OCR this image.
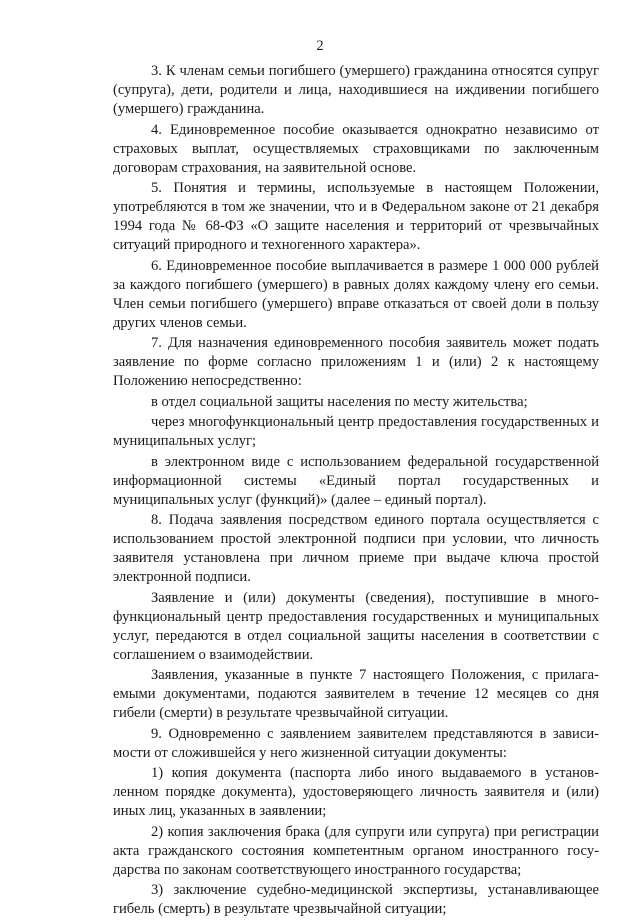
2

3. К членам семьи погибшего (умершего) гражданина относятся супруг (супруга), дети, родители и лица, находившиеся на иждивении погибшего (умершего) гражданина.

4. Единовременное пособие оказывается однократно независимо от страховых выплат, осуществляемых страховщиками по заключенным договорам страхования, на заявительной основе.

5. Понятия и термины, используемые в настоящем Положении, употребляются в том же значении, что и в Федеральном законе от 21 декабря 1994 года № 68-ФЗ «О защите населения и территорий от чрезвычайных ситуаций природного и техногенного характера».

6. Единовременное пособие выплачивается в размере 1 000 000 рублей за каждого погибшего (умершего) в равных долях каждому члену его семьи. Член семьи погибшего (умершего) вправе отказаться от своей доли в пользу других членов семьи.

7. Для назначения единовременного пособия заявитель может подать заявление по форме согласно приложениям 1 и (или) 2 к настоящему Положению непосредственно:

в отдел социальной защиты населения по месту жительства;

через многофункциональный центр предоставления государственных и муниципальных услуг;

в электронном виде с использованием федеральной государственной информационной системы «Единый портал государственных и муниципальных услуг (функций)» (далее – единый портал).

8. Подача заявления посредством единого портала осуществляется с использованием простой электронной подписи при условии, что личность заявителя установлена при личном приеме при выдаче ключа простой электронной подписи.

Заявление и (или) документы (сведения), поступившие в многофункциональный центр предоставления государственных и муниципальных услуг, передаются в отдел социальной защиты населения в соответствии с соглашением о взаимодействии.

Заявления, указанные в пункте 7 настоящего Положения, с прилагаемыми документами, подаются заявителем в течение 12 месяцев со дня гибели (смерти) в результате чрезвычайной ситуации.

9. Одновременно с заявлением заявителем представляются в зависимости от сложившейся у него жизненной ситуации документы:

1) копия документа (паспорта либо иного выдаваемого в установленном порядке документа), удостоверяющего личность заявителя и (или) иных лиц, указанных в заявлении;

2) копия заключения брака (для супруги или супруга) при регистрации акта гражданского состояния компетентным органом иностранного государства по законам соответствующего иностранного государства;

3) заключение судебно-медицинской экспертизы, устанавливающее гибель (смерть) в результате чрезвычайной ситуации;
